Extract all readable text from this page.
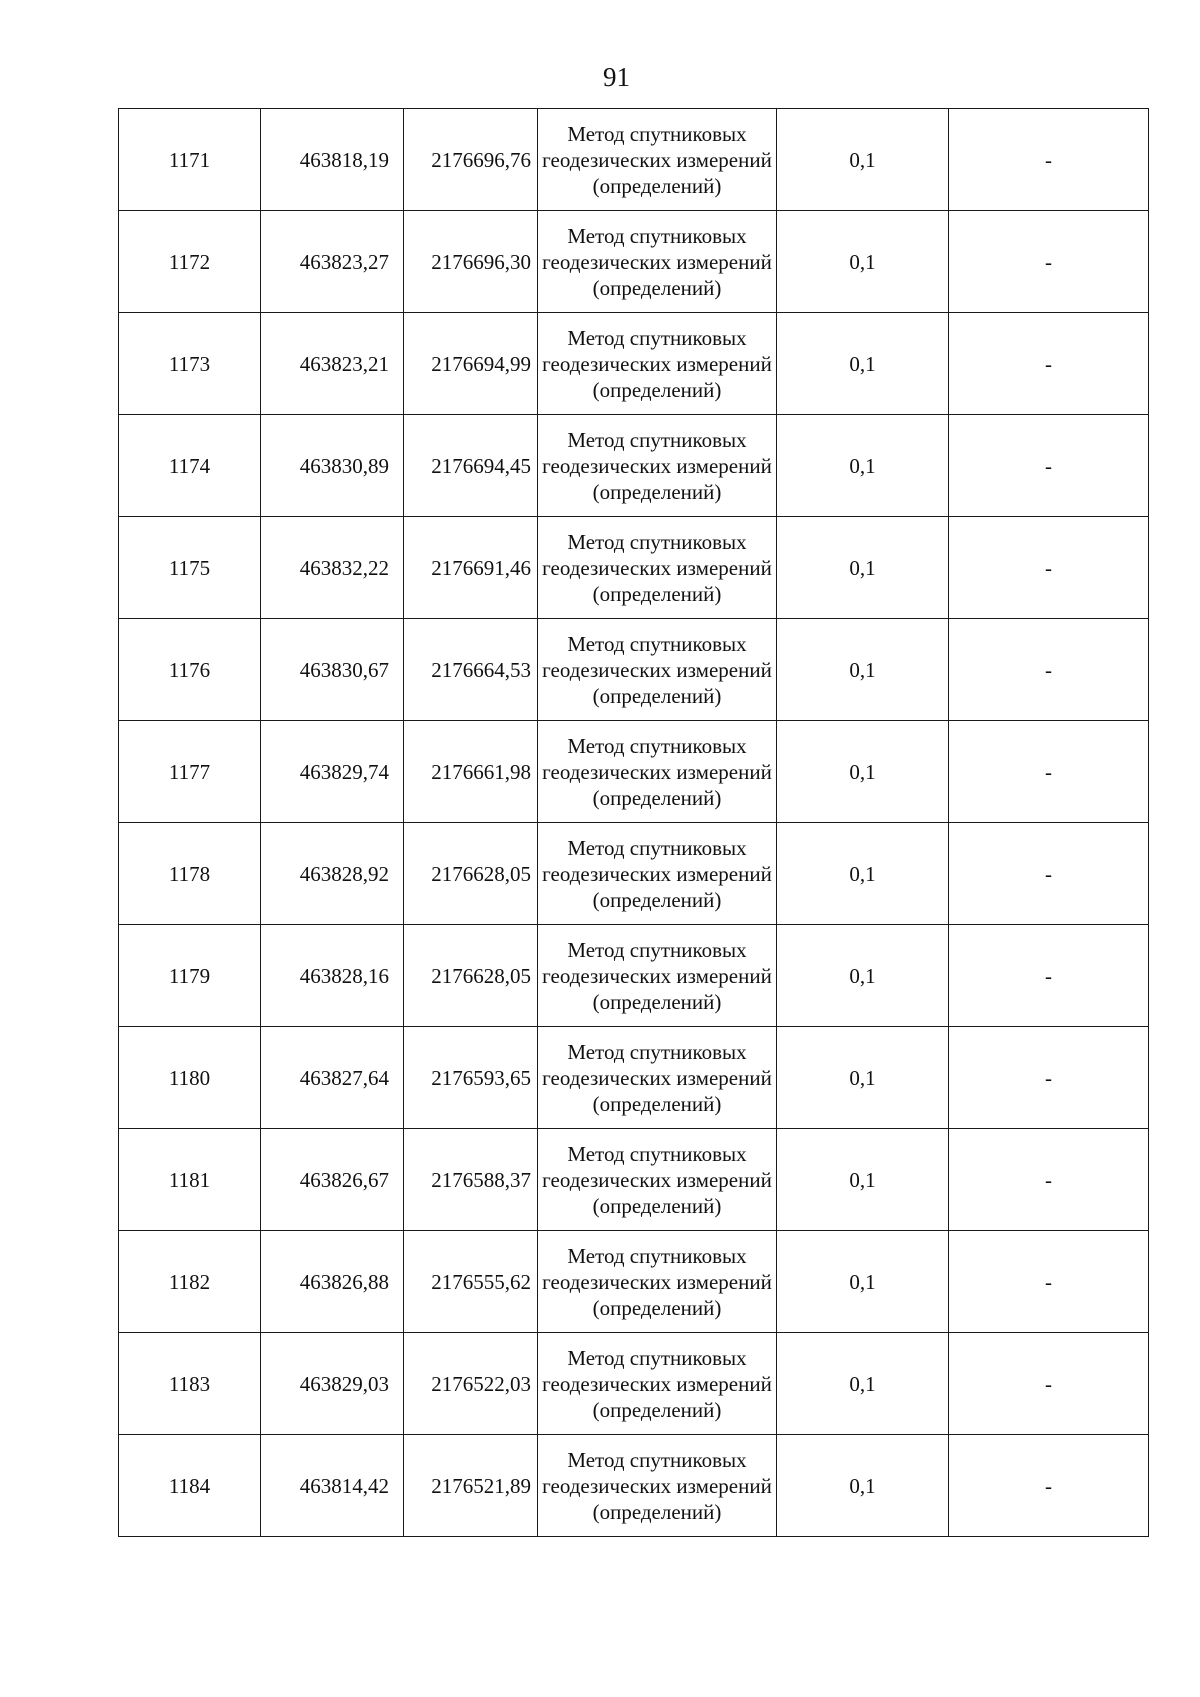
91
1171	463818,19	2176696,76	Метод спутниковых
геодезических измерений
(определений)	0,1	-
1172	463823,27	2176696,30	Метод спутниковых
геодезических измерений
(определений)	0,1	-
1173	463823,21	2176694,99	Метод спутниковых
геодезических измерений
(определений)	0,1	-
1174	463830,89	2176694,45	Метод спутниковых
геодезических измерений
(определений)	0,1	-
1175	463832,22	2176691,46	Метод спутниковых
геодезических измерений
(определений)	0,1	-
1176	463830,67	2176664,53	Метод спутниковых
геодезических измерений
(определений)	0,1	-
1177	463829,74	2176661,98	Метод спутниковых
геодезических измерений
(определений)	0,1	-
1178	463828,92	2176628,05	Метод спутниковых
геодезических измерений
(определений)	0,1	-
1179	463828,16	2176628,05	Метод спутниковых
геодезических измерений
(определений)	0,1	-
1180	463827,64	2176593,65	Метод спутниковых
геодезических измерений
(определений)	0,1	-
1181	463826,67	2176588,37	Метод спутниковых
геодезических измерений
(определений)	0,1	-
1182	463826,88	2176555,62	Метод спутниковых
геодезических измерений
(определений)	0,1	-
1183	463829,03	2176522,03	Метод спутниковых
геодезических измерений
(определений)	0,1	-
1184	463814,42	2176521,89	Метод спутниковых
геодезических измерений
(определений)	0,1	-
